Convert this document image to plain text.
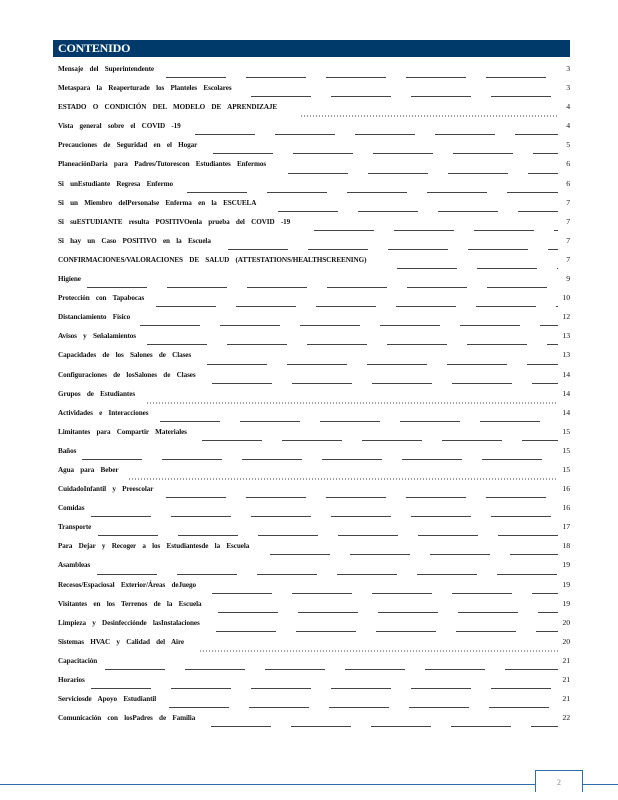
CONTENIDO
Mensaje del Superintendente	3
Metaspara la Reaperturade los Planteles Escolares	3
ESTADO O CONDICIÓN DEL MODELO DE APRENDIZAJE	4
Vista general sobre el COVID -19	4
Precauciones de Seguridad en el Hogar	5
PlaneaciónDaria para Padres/Tutorescon Estudiantes Enfermos	6
Si unEstudiante Regresa Enfermo	6
Si un Miembro delPersonalse Enferma en la ESCUELA	7
Si suESTUDIANTE resulta POSITIVOenla prueba del COVID -19	7
Si hay un Caso POSITIVO en la Escuela	7
CONFIRMACIONES/VALORACIONES DE SALUD (ATTESTATIONS/HEALTHSCREENING)	7
Higiene	9
Protección con Tapabocas	10
Distanciamiento Físico	12
Avisos y Señalamientos	13
Capacidades de los Salones de Clases	13
Configuraciones de losSalones de Clases	14
Grupos de Estudiantes	14
Actividades e Interacciones	14
Limitantes para Compartir Materiales	15
Baños	15
Agua para Beber	15
CuidadoInfantil y Preescolar	16
Comidas	16
Transporte	17
Para Dejar y Recoger a los Estudiantesde la Escuela	18
Asambleas	19
Recesos/Espaciosal Exterior/Áreas deJuego	19
Visitantes en los Terrenos de la Escuela	19
Limpieza y Desinfecciónde lasInstalaciones	20
Sistemas HVAC y Calidad del Aire	20
Capacitación	21
Horarios	21
Serviciosde Apoyo Estudiantil	21
Comunicación con losPadres de Familia	22
2
